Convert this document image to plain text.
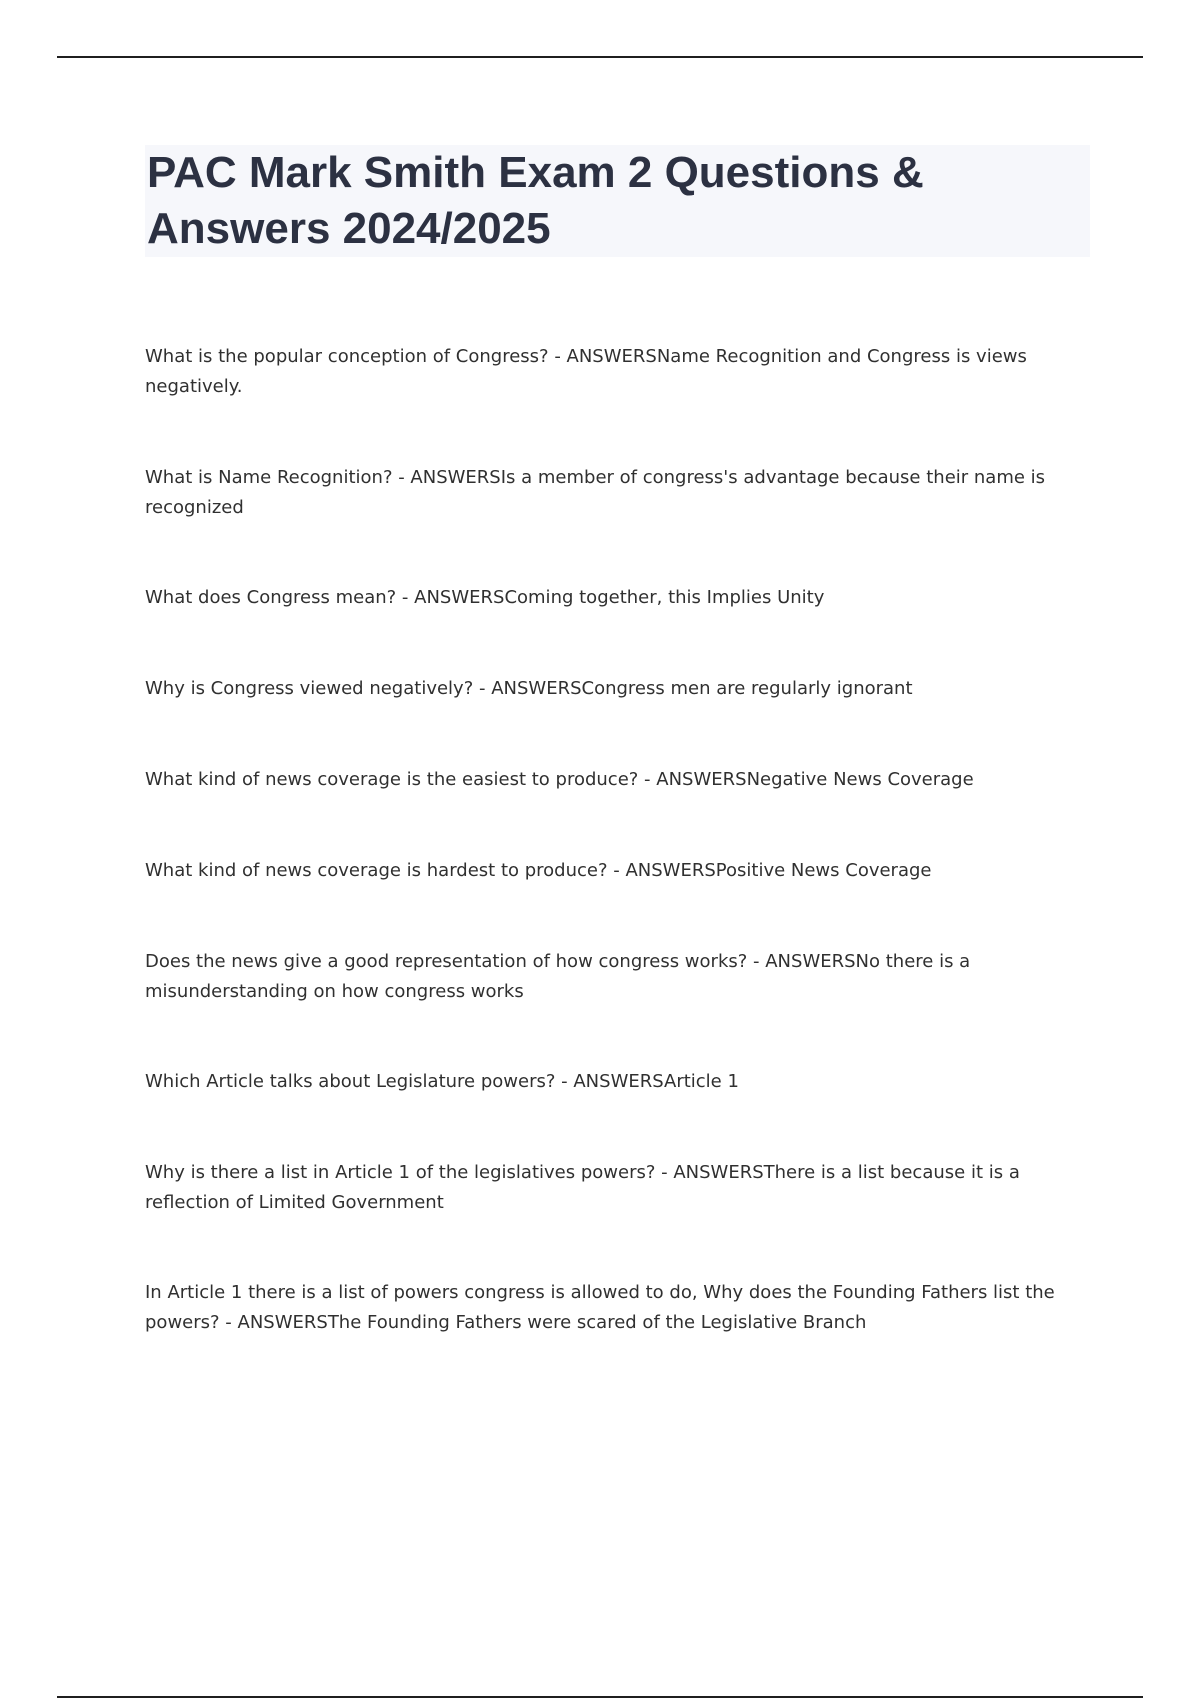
PAC Mark Smith Exam 2 Questions & Answers 2024/2025
What is the popular conception of Congress? - ANSWERSName Recognition and Congress is views negatively.
What is Name Recognition? - ANSWERSIs a member of congress's advantage because their name is recognized
What does Congress mean? - ANSWERSComing together, this Implies Unity
Why is Congress viewed negatively? - ANSWERSCongress men are regularly ignorant
What kind of news coverage is the easiest to produce? - ANSWERSNegative News Coverage
What kind of news coverage is hardest to produce? - ANSWERSPositive News Coverage
Does the news give a good representation of how congress works? - ANSWERSNo there is a misunderstanding on how congress works
Which Article talks about Legislature powers? - ANSWERSArticle 1
Why is there a list in Article 1 of the legislatives powers? - ANSWERSThere is a list because it is a reflection of Limited Government
In Article 1 there is a list of powers congress is allowed to do, Why does the Founding Fathers list the powers? - ANSWERSThe Founding Fathers were scared of the Legislative Branch
